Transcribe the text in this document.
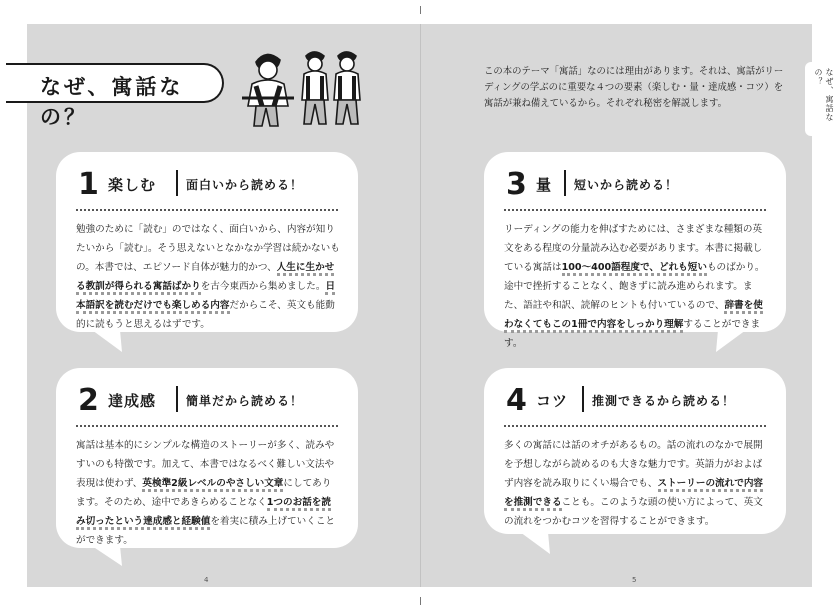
なぜ、寓話なの？
この本のテーマ「寓話」なのには理由があります。それは、寓話がリーディングの学ぶのに重要な４つの要素（楽しむ・量・達成感・コツ）を寓話が兼ね備えているから。それぞれ秘密を解説します。	なぜ、寓話なの？
1 楽しむ 面白いから読める！
勉強のために「読む」のではなく、面白いから、内容が知りたいから「読む」。そう思えないとなかなか学習は続かないもの。本書では、エピソード自体が魅力的かつ、人生に生かせる教訓が得られる寓話ばかりを古今東西から集めました。日本語訳を読むだけでも楽しめる内容だからこそ、英文も能動的に読もうと思えるはずです。
2 達成感 簡単だから読める！
寓話は基本的にシンプルな構造のストーリーが多く、読みやすいのも特徴です。加えて、本書ではなるべく難しい文法や表現は使わず、英検準2級レベルのやさしい文章にしてあります。そのため、途中であきらめることなく1つのお話を読み切ったという達成感と経験値を着実に積み上げていくことができます。
3 量 短いから読める！
リーディングの能力を伸ばすためには、さまざまな種類の英文をある程度の分量読み込む必要があります。本書に掲載している寓話は100～400語程度で、どれも短いものばかり。途中で挫折することなく、飽きずに読み進められます。また、語註や和訳、読解のヒントも付いているので、辞書を使わなくてもこの1冊で内容をしっかり理解することができます。
4 コツ 推測できるから読める！
多くの寓話には話のオチがあるもの。話の流れのなかで展開を予想しながら読めるのも大きな魅力です。英語力がおよばず内容を読み取りにくい場合でも、ストーリーの流れで内容を推測できることも。このような頭の使い方によって、英文の流れをつかむコツを習得することができます。
4	5
